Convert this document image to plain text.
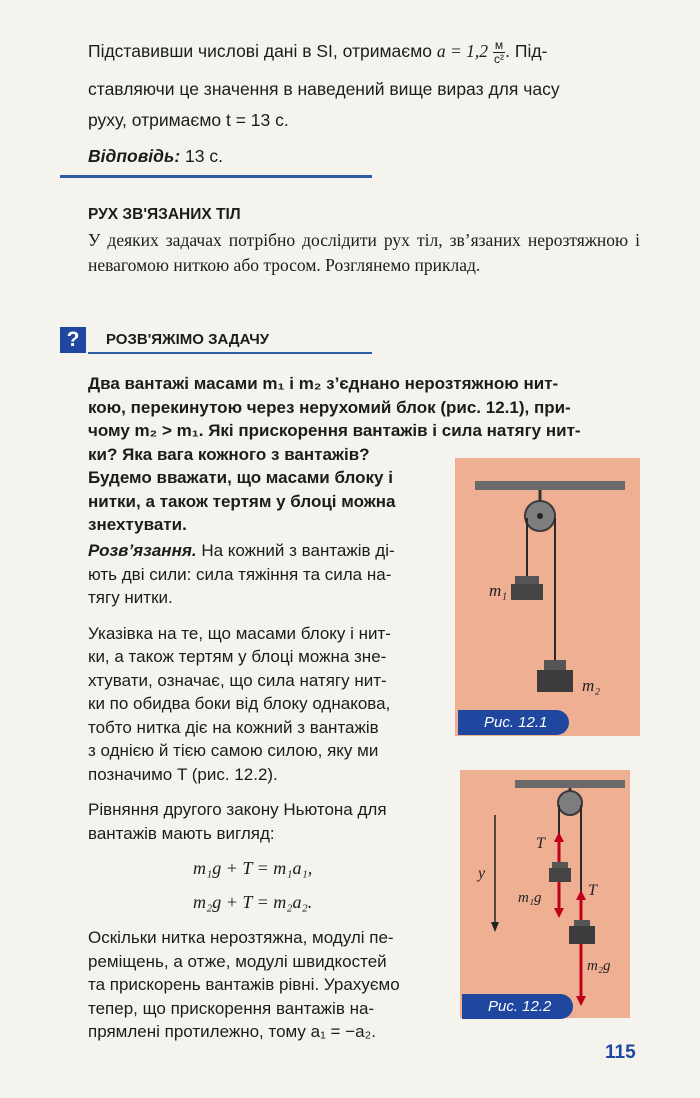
Підставивши числові дані в SI, отримаємо $a = 1,2 \frac{м}{\text{c²}}$ . Під-
ставляючи це значення в наведений вище вираз для часу
руху, отримаємо t = 13 с.
Відповідь: 13 с.
РУХ ЗВ'ЯЗАНИХ ТІЛ
У деяких задачах потрібно дослідити рух тіл, зв’язаних нерозтяжною і невагомою ниткою або тросом. Розглянемо приклад.
?	РОЗВ'ЯЖІМО ЗАДАЧУ
Два вантажі масами m₁ і m₂ з’єднано нерозтяжною нит-
кою, перекинутою через нерухомий блок (рис. 12.1), при-
чому m₂ > m₁. Які прискорення вантажів і сила натягу нит-
ки? Яка вага кожного з вантажів?
Будемо вважати, що масами блоку і
нитки, а також тертям у блоці можна
знехтувати.
Розв’язання. На кожний з вантажів ді-
ють дві сили: сила тяжіння та сила на-
тягу нитки.
Указівка на те, що масами блоку і нит-
ки, а також тертям у блоці можна зне-
хтувати, означає, що сила натягу нит-
ки по обидва боки від блоку однакова,
тобто нитка діє на кожний з вантажів
з однією й тією самою силою, яку ми
позначимо T (рис. 12.2).
Рівняння другого закону Ньютона для
вантажів мають вигляд:
m₁g + T = m₁a₁,
m₂g + T = m₂a₂.
Оскільки нитка нерозтяжна, модулі пе-
реміщень, а отже, модулі швидкостей
та прискорень вантажів рівні. Урахуємо
тепер, що прискорення вантажів на-
прямлені протилежно, тому a₁ = −a₂.
m₁
m₂
Рис. 12.1
y
T
T
m₁g
m₂g
Рис. 12.2
115
